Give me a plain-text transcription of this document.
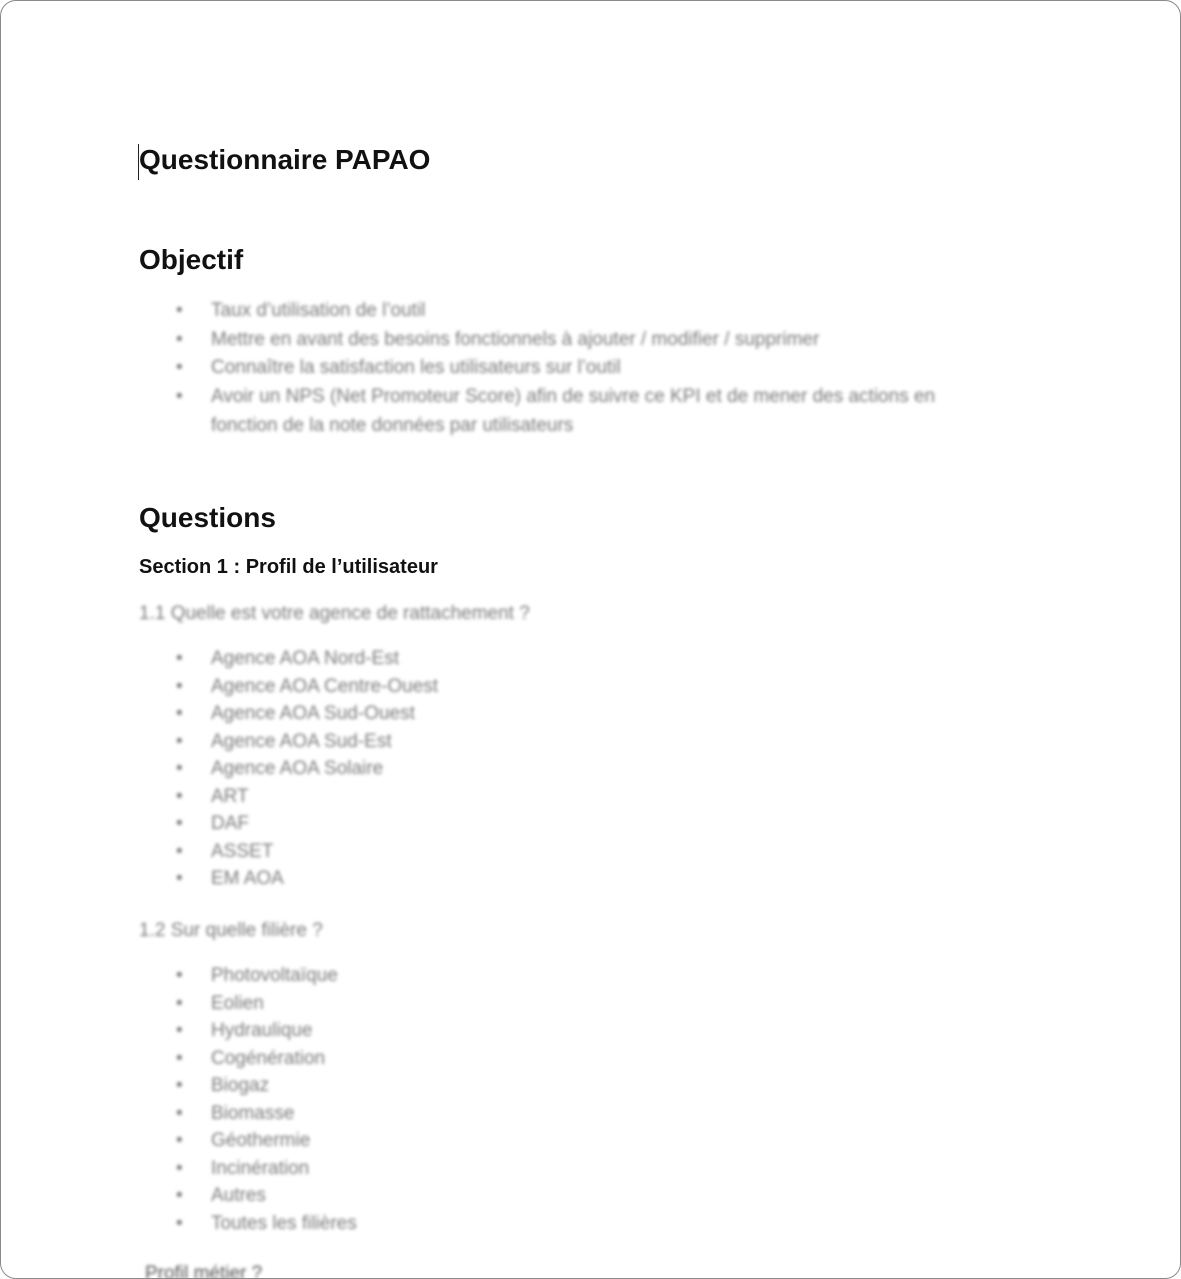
Questionnaire PAPAO
Objectif
• Taux d’utilisation de l’outil
• Mettre en avant des besoins fonctionnels à ajouter / modifier / supprimer
• Connaître la satisfaction les utilisateurs sur l’outil
• Avoir un NPS (Net Promoteur Score) afin de suivre ce KPI et de mener des actions en fonction de la note données par utilisateurs
Questions
Section 1 : Profil de l’utilisateur

1.1 Quelle est votre agence de rattachement ?

• Agence AOA Nord-Est
• Agence AOA Centre-Ouest
• Agence AOA Sud-Ouest
• Agence AOA Sud-Est
• Agence AOA Solaire
• ART
• DAF
• ASSET
• EM AOA

1.2 Sur quelle filière ?

• Photovoltaïque
• Eolien
• Hydraulique
• Cogénération
• Biogaz
• Biomasse
• Géothermie
• Incinération
• Autres
• Toutes les filières

Profil métier ?
